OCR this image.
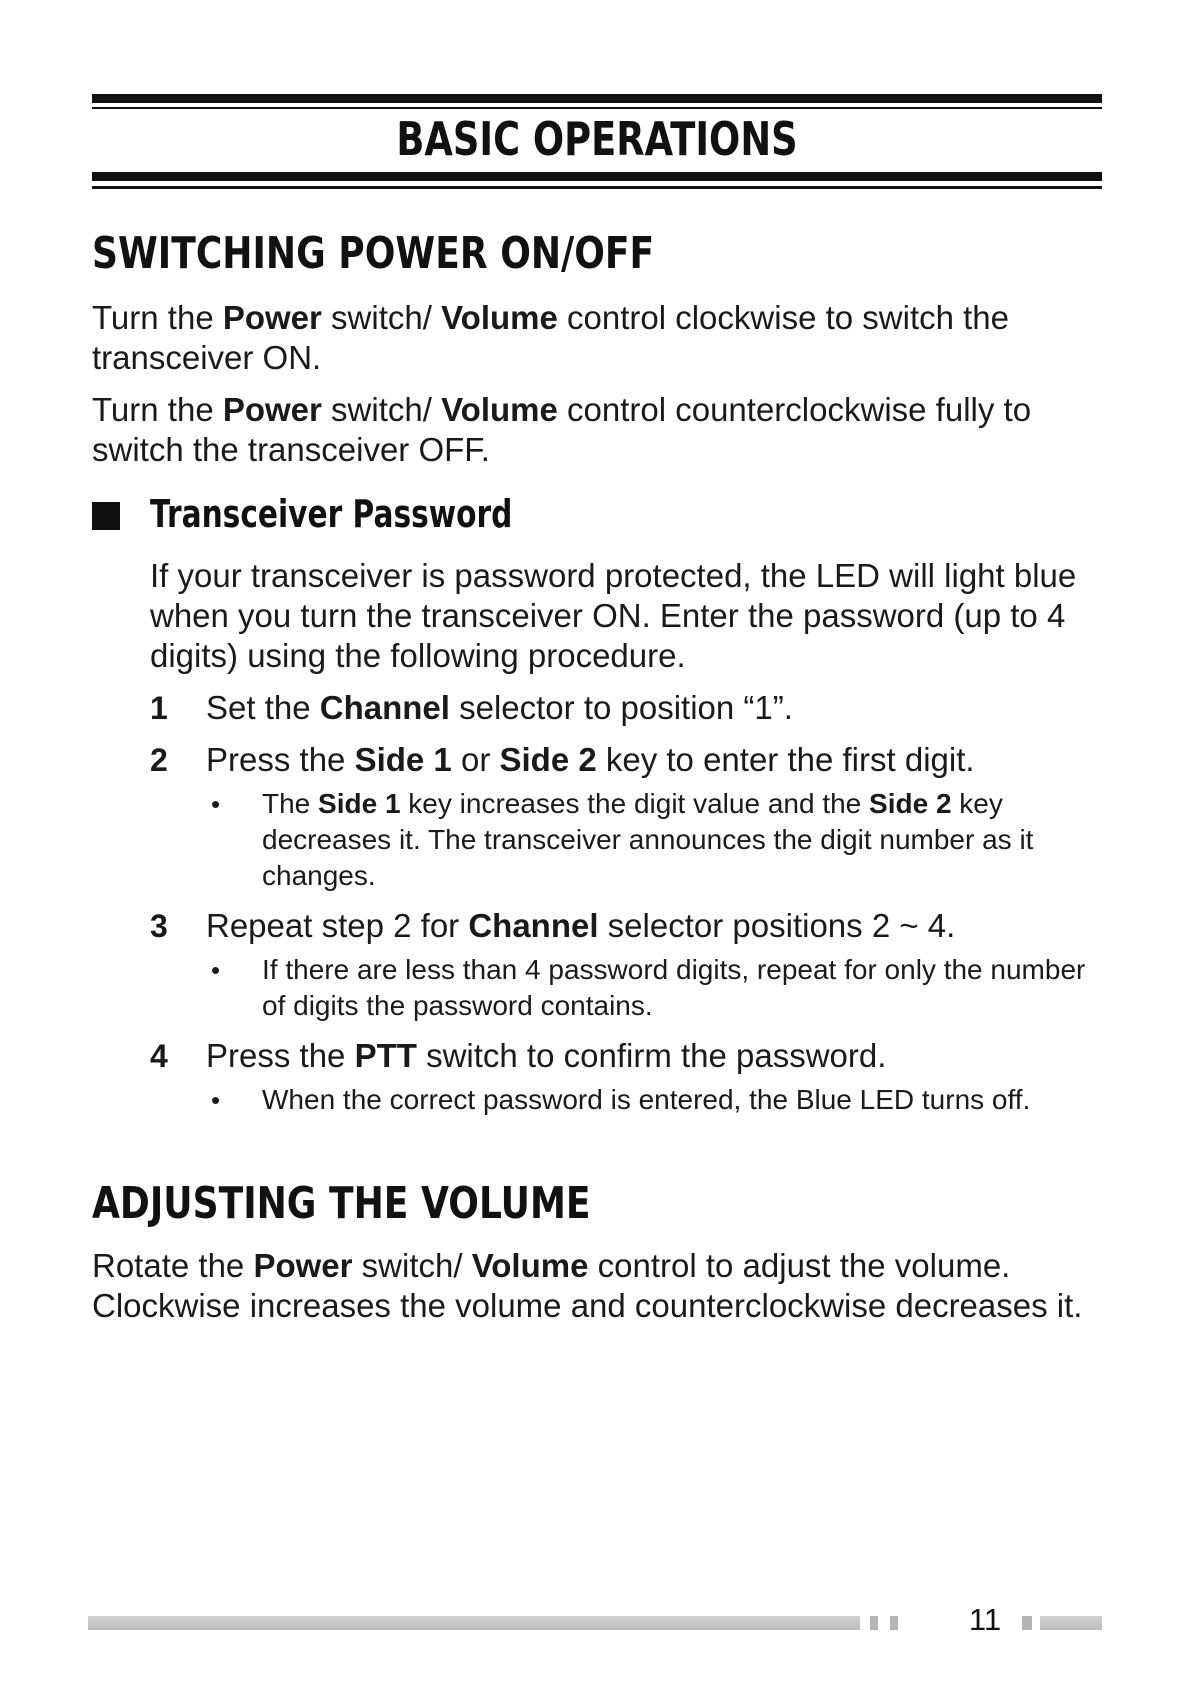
BASIC OPERATIONS
SWITCHING POWER ON/OFF
Turn the Power switch/ Volume control clockwise to switch the transceiver ON.
Turn the Power switch/ Volume control counterclockwise fully to switch the transceiver OFF.
Transceiver Password
If your transceiver is password protected, the LED will light blue when you turn the transceiver ON. Enter the password (up to 4 digits) using the following procedure.
1 Set the Channel selector to position “1”.
2 Press the Side 1 or Side 2 key to enter the first digit.
• The Side 1 key increases the digit value and the Side 2 key decreases it. The transceiver announces the digit number as it changes.
3 Repeat step 2 for Channel selector positions 2 ~ 4.
• If there are less than 4 password digits, repeat for only the number of digits the password contains.
4 Press the PTT switch to confirm the password.
• When the correct password is entered, the Blue LED turns off.
ADJUSTING THE VOLUME
Rotate the Power switch/ Volume control to adjust the volume. Clockwise increases the volume and counterclockwise decreases it.
11
